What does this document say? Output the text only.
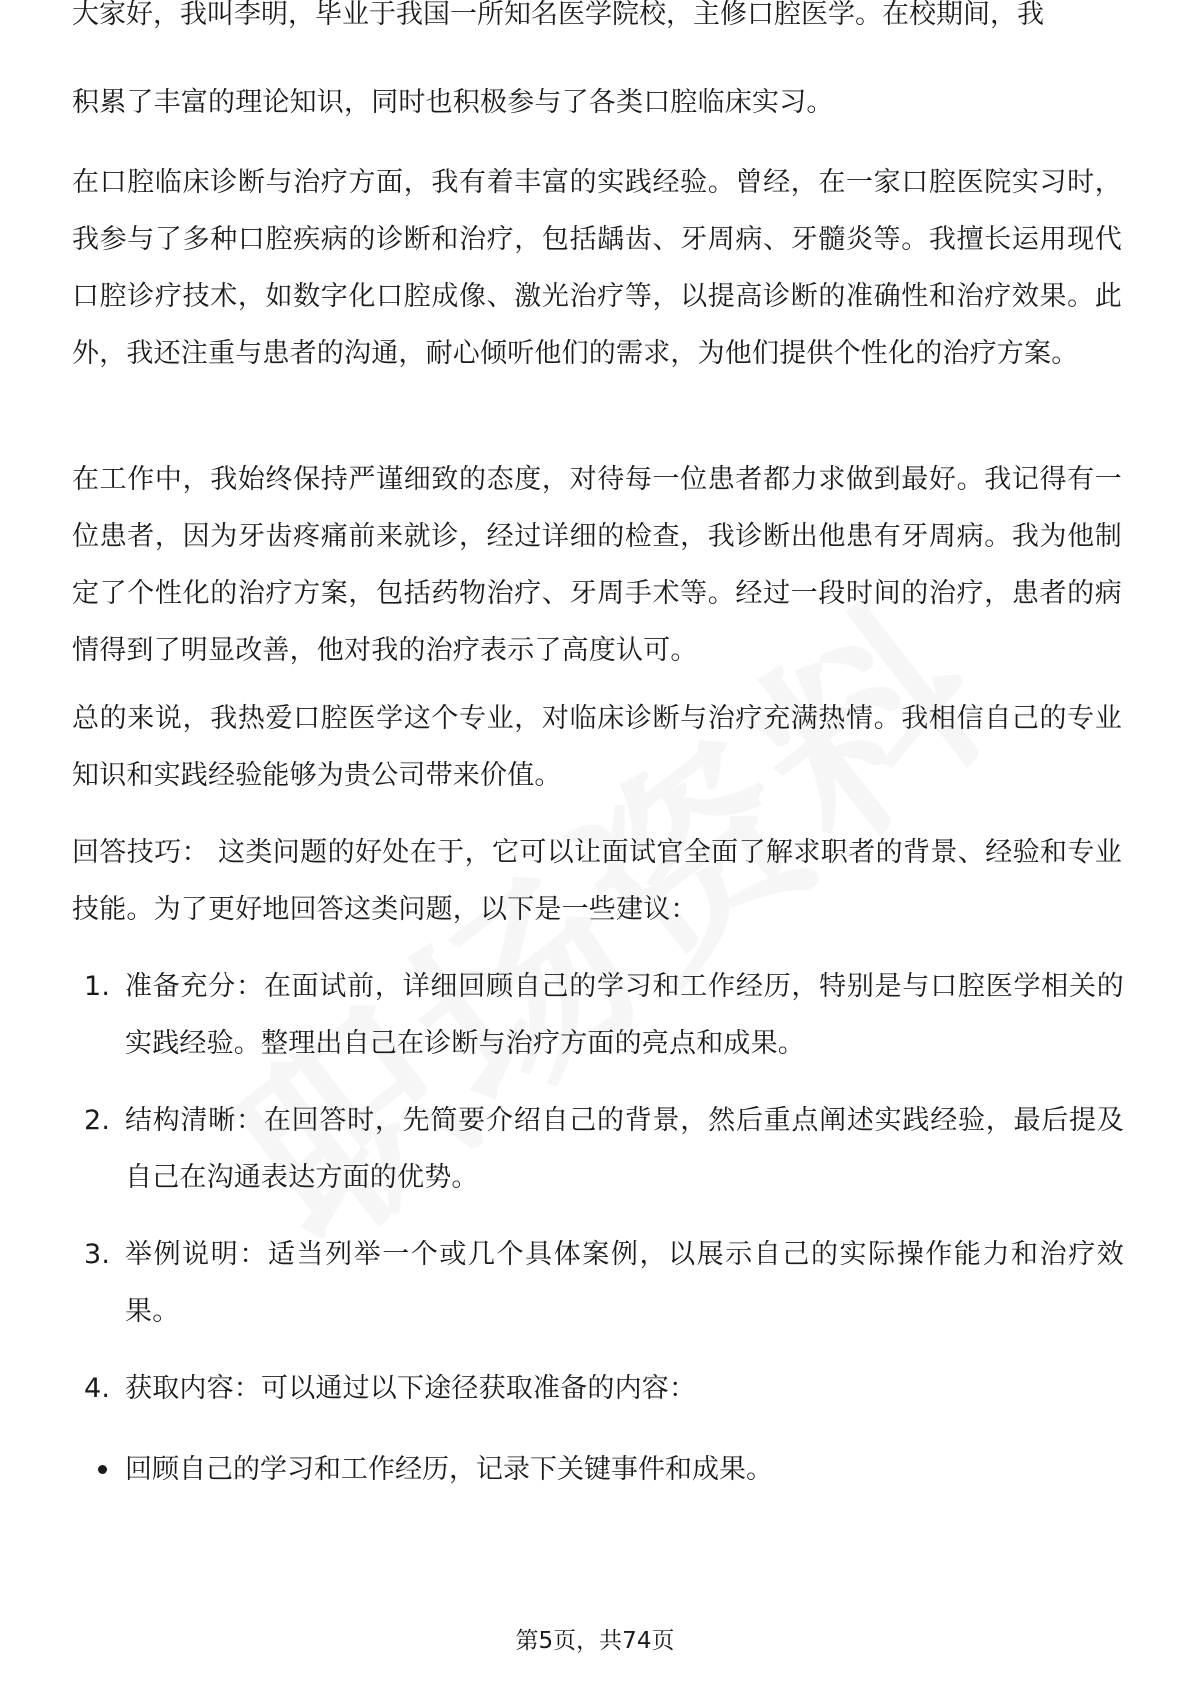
大家好，我叫李明，毕业于我国一所知名医学院校，主修口腔医学。在校期间，我

积累了丰富的理论知识，同时也积极参与了各类口腔临床实习。

在口腔临床诊断与治疗方面，我有着丰富的实践经验。曾经，在一家口腔医院实习时，我参与了多种口腔疾病的诊断和治疗，包括龋齿、牙周病、牙髓炎等。我擅长运用现代口腔诊疗技术，如数字化口腔成像、激光治疗等，以提高诊断的准确性和治疗效果。此外，我还注重与患者的沟通，耐心倾听他们的需求，为他们提供个性化的治疗方案。

在工作中，我始终保持严谨细致的态度，对待每一位患者都力求做到最好。我记得有一位患者，因为牙齿疼痛前来就诊，经过详细的检查，我诊断出他患有牙周病。我为他制定了个性化的治疗方案，包括药物治疗、牙周手术等。经过一段时间的治疗，患者的病情得到了明显改善，他对我的治疗表示了高度认可。

总的来说，我热爱口腔医学这个专业，对临床诊断与治疗充满热情。我相信自己的专业知识和实践经验能够为贵公司带来价值。

回答技巧： 这类问题的好处在于，它可以让面试官全面了解求职者的背景、经验和专业技能。为了更好地回答这类问题，以下是一些建议：

1. 准备充分：在面试前，详细回顾自己的学习和工作经历，特别是与口腔医学相关的实践经验。整理出自己在诊断与治疗方面的亮点和成果。
2. 结构清晰：在回答时，先简要介绍自己的背景，然后重点阐述实践经验，最后提及自己在沟通表达方面的优势。
3. 举例说明：适当列举一个或几个具体案例，以展示自己的实际操作能力和治疗效果。
4. 获取内容：可以通过以下途径获取准备的内容：
回顾自己的学习和工作经历，记录下关键事件和成果。
第5页，共74页
